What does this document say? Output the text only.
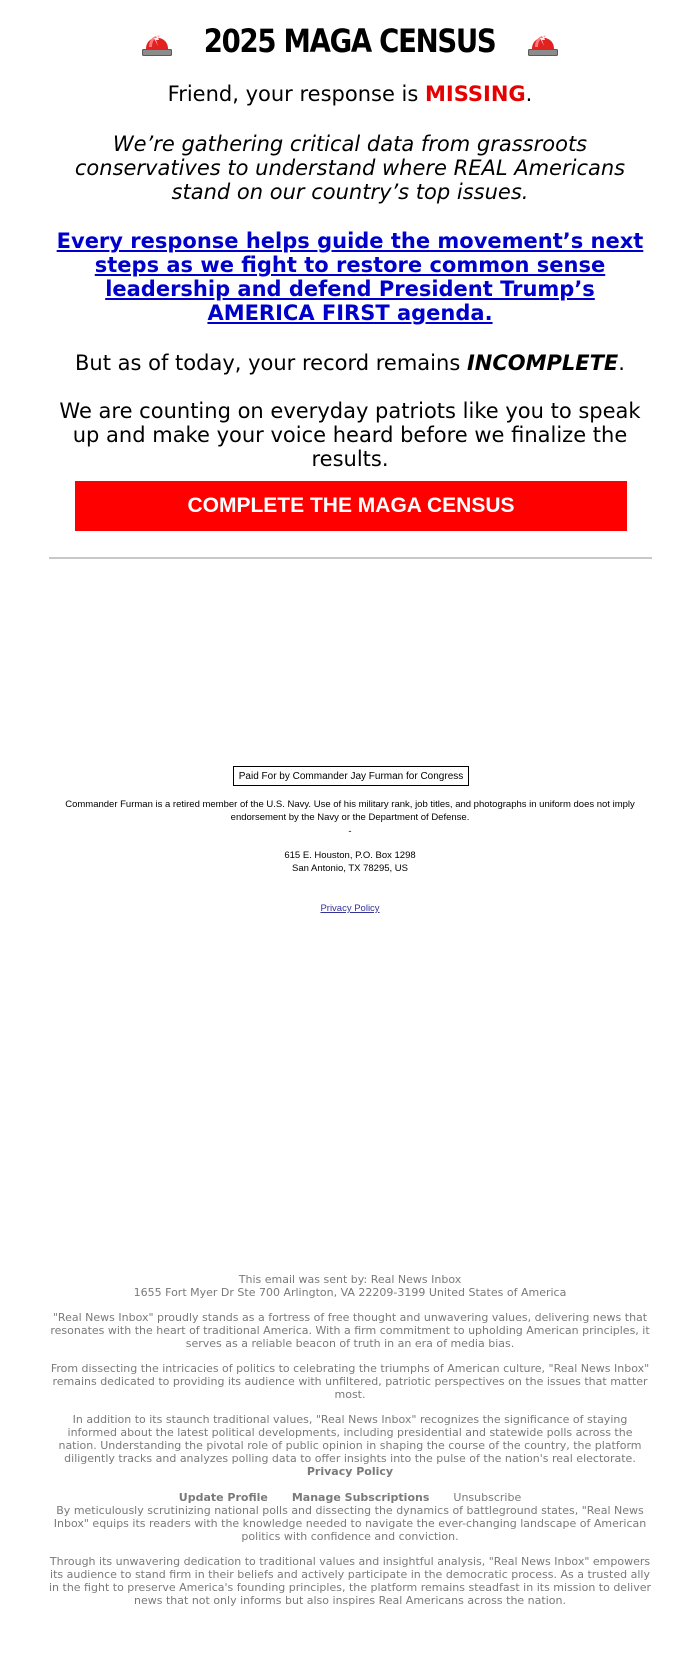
2025 MAGA CENSUS
Friend, your response is MISSING.
We’re gathering critical data from grassroots conservatives to understand where REAL Americans stand on our country’s top issues.
Every response helps guide the movement’s next steps as we fight to restore common sense leadership and defend President Trump’s AMERICA FIRST agenda.
But as of today, your record remains INCOMPLETE.
We are counting on everyday patriots like you to speak up and make your voice heard before we finalize the results.
COMPLETE THE MAGA CENSUS
Paid For by Commander Jay Furman for Congress
Commander Furman is a retired member of the U.S. Navy. Use of his military rank, job titles, and photographs in uniform does not imply endorsement by the Navy or the Department of Defense.
-
615 E. Houston, P.O. Box 1298
San Antonio, TX 78295, US
Privacy Policy

This email was sent by: Real News Inbox

1655 Fort Myer Dr Ste 700 Arlington, VA 22209-3199 United States of America

"Real News Inbox" proudly stands as a fortress of free thought and unwavering values, delivering news that resonates with the heart of traditional America. With a firm commitment to upholding American principles, it serves as a reliable beacon of truth in an era of media bias.

From dissecting the intricacies of politics to celebrating the triumphs of American culture, "Real News Inbox" remains dedicated to providing its audience with unfiltered, patriotic perspectives on the issues that matter most.

In addition to its staunch traditional values, "Real News Inbox" recognizes the significance of staying informed about the latest political developments, including presidential and statewide polls across the nation. Understanding the pivotal role of public opinion in shaping the course of the country, the platform diligently tracks and analyzes polling data to offer insights into the pulse of the nation's real electorate.

Privacy Policy

Update Profile Manage Subscriptions Unsubscribe

By meticulously scrutinizing national polls and dissecting the dynamics of battleground states, "Real News Inbox" equips its readers with the knowledge needed to navigate the ever-changing landscape of American politics with confidence and conviction.

Through its unwavering dedication to traditional values and insightful analysis, "Real News Inbox" empowers its audience to stand firm in their beliefs and actively participate in the democratic process. As a trusted ally in the fight to preserve America's founding principles, the platform remains steadfast in its mission to deliver news that not only informs but also inspires Real Americans across the nation.
